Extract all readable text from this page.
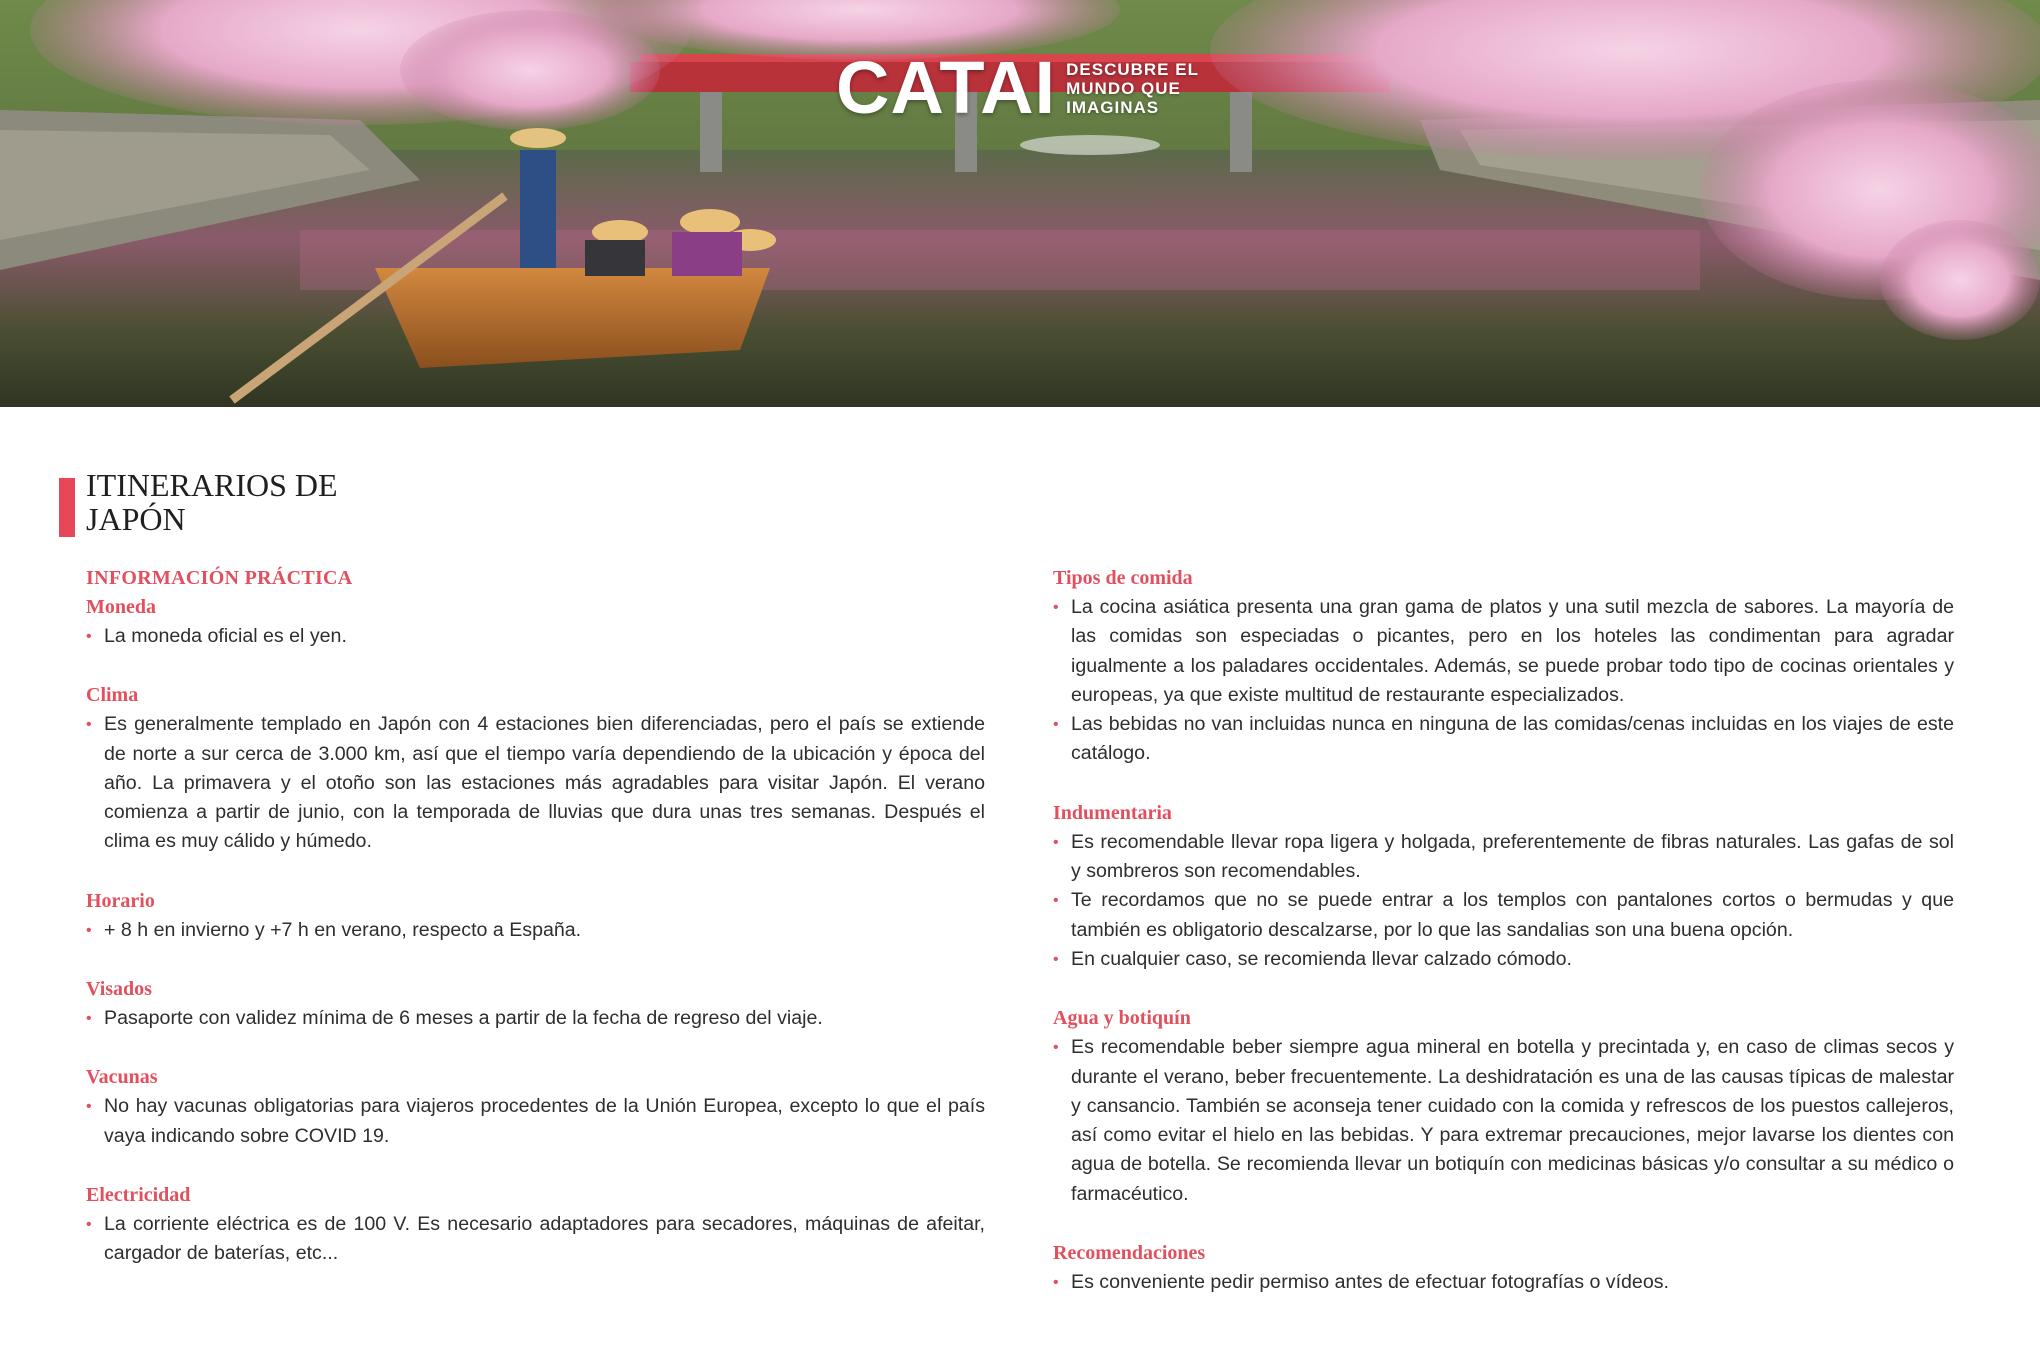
CATAI DESCUBRE EL
MUNDO QUE
IMAGINAS
ITINERARIOS DE
JAPÓN
INFORMACIÓN PRÁCTICA
Moneda

• La moneda oficial es el yen.

Clima

• Es generalmente templado en Japón con 4 estaciones bien diferenciadas, pero el país se extiende de norte a sur cerca de 3.000 km, así que el tiempo varía dependiendo de la ubicación y época del año. La primavera y el otoño son las estaciones más agradables para visitar Japón. El verano comienza a partir de junio, con la temporada de lluvias que dura unas tres semanas. Después el clima es muy cálido y húmedo.

Horario

• + 8 h en invierno y +7 h en verano, respecto a España.

Visados

• Pasaporte con validez mínima de 6 meses a partir de la fecha de regreso del viaje.

Vacunas

• No hay vacunas obligatorias para viajeros procedentes de la Unión Europea, excepto lo que el país vaya indicando sobre COVID 19.

Electricidad

• La corriente eléctrica es de 100 V. Es necesario adaptadores para secadores, máquinas de afeitar, cargador de baterías, etc...

Tipos de comida

• La cocina asiática presenta una gran gama de platos y una sutil mezcla de sabores. La mayoría de las comidas son especiadas o picantes, pero en los hoteles las condimentan para agradar igualmente a los paladares occidentales. Además, se puede probar todo tipo de cocinas orientales y europeas, ya que existe multitud de restaurante especializados.

• Las bebidas no van incluidas nunca en ninguna de las comidas/cenas incluidas en los viajes de este catálogo.

Indumentaria

• Es recomendable llevar ropa ligera y holgada, preferentemente de fibras naturales. Las gafas de sol y sombreros son recomendables.

• Te recordamos que no se puede entrar a los templos con pantalones cortos o bermudas y que también es obligatorio descalzarse, por lo que las sandalias son una buena opción.

• En cualquier caso, se recomienda llevar calzado cómodo.

Agua y botiquín

• Es recomendable beber siempre agua mineral en botella y precintada y, en caso de climas secos y durante el verano, beber frecuentemente. La deshidratación es una de las causas típicas de malestar y cansancio. También se aconseja tener cuidado con la comida y refrescos de los puestos callejeros, así como evitar el hielo en las bebidas. Y para extremar precauciones, mejor lavarse los dientes con agua de botella. Se recomienda llevar un botiquín con medicinas básicas y/o consultar a su médico o farmacéutico.

Recomendaciones

• Es conveniente pedir permiso antes de efectuar fotografías o vídeos.
